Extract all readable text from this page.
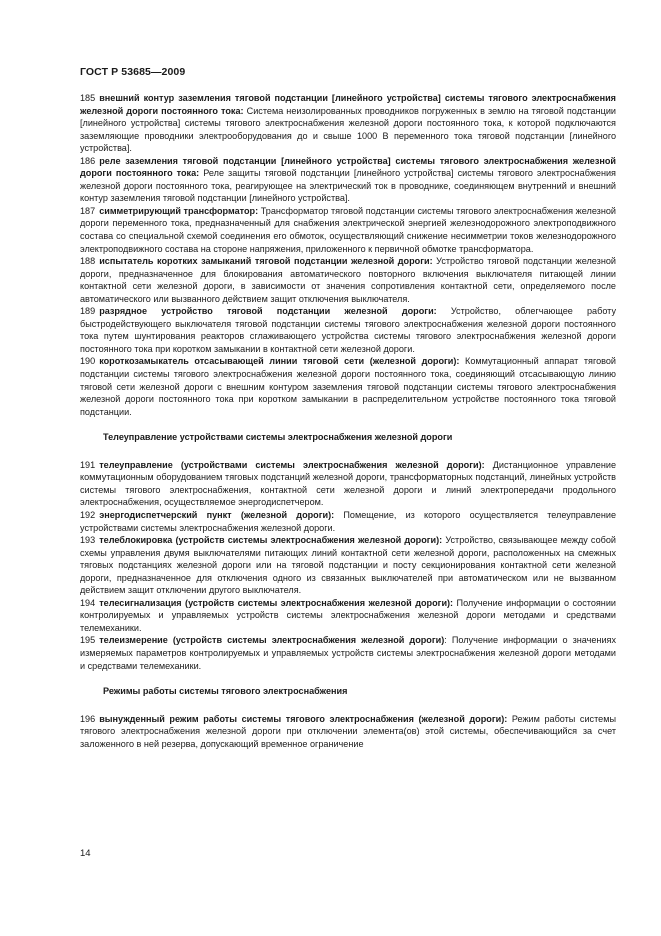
ГОСТ Р 53685—2009

185 внешний контур заземления тяговой подстанции [линейного устройства] системы тягового электроснабжения железной дороги постоянного тока: Система неизолированных проводников погруженных в землю на тяговой подстанции [линейного устройства] системы тягового электроснабжения железной дороги постоянного тока, к которой подключаются заземляющие проводники электрооборудования до и свыше 1000 В переменного тока тяговой подстанции [линейного устройства].

186 реле заземления тяговой подстанции [линейного устройства] системы тягового электроснабжения железной дороги постоянного тока: Реле защиты тяговой подстанции [линейного устройства] системы тягового электроснабжения железной дороги постоянного тока, реагирующее на электрический ток в проводнике, соединяющем внутренний и внешний контур заземления тяговой подстанции [линейного устройства].

187 симметрирующий трансформатор: Трансформатор тяговой подстанции системы тягового электроснабжения железной дороги переменного тока, предназначенный для снабжения электрической энергией железнодорожного электроподвижного состава со специальной схемой соединения его обмоток, осуществляющий снижение несимметрии токов железнодорожного электроподвижного состава на стороне напряжения, приложенного к первичной обмотке трансформатора.

188 испытатель коротких замыканий тяговой подстанции железной дороги: Устройство тяговой подстанции железной дороги, предназначенное для блокирования автоматического повторного включения выключателя питающей линии контактной сети железной дороги, в зависимости от значения сопротивления контактной сети, определяемого после автоматического или вызванного действием защит отключения выключателя.

189 разрядное устройство тяговой подстанции железной дороги: Устройство, облегчающее работу быстродействующего выключателя тяговой подстанции системы тягового электроснабжения железной дороги постоянного тока путем шунтирования реакторов сглаживающего устройства системы тягового электроснабжения железной дороги постоянного тока при коротком замыкании в контактной сети железной дороги.

190 короткозамыкатель отсасывающей линии тяговой сети (железной дороги): Коммутационный аппарат тяговой подстанции системы тягового электроснабжения железной дороги постоянного тока, соединяющий отсасывающую линию тяговой сети железной дороги с внешним контуром заземления тяговой подстанции системы тягового электроснабжения железной дороги постоянного тока при коротком замыкании в распределительном устройстве постоянного тока тяговой подстанции.

Телеуправление устройствами системы электроснабжения железной дороги

191 телеуправление (устройствами системы электроснабжения железной дороги): Дистанционное управление коммутационным оборудованием тяговых подстанций железной дороги, трансформаторных подстанций, линейных устройств системы тягового электроснабжения, контактной сети железной дороги и линий электропередачи продольного электроснабжения, осуществляемое энергодиспетчером.

192 энергодиспетчерский пункт (железной дороги): Помещение, из которого осуществляется телеуправление устройствами системы электроснабжения железной дороги.

193 телеблокировка (устройств системы электроснабжения железной дороги): Устройство, связывающее между собой схемы управления двумя выключателями питающих линий контактной сети железной дороги, расположенных на смежных тяговых подстанциях железной дороги или на тяговой подстанции и посту секционирования контактной сети железной дороги, предназначенное для отключения одного из связанных выключателей при автоматическом или не вызванном действием защит отключении другого выключателя.

194 телесигнализация (устройств системы электроснабжения железной дороги): Получение информации о состоянии контролируемых и управляемых устройств системы электроснабжения железной дороги методами и средствами телемеханики.

195 телеизмерение (устройств системы электроснабжения железной дороги): Получение информации о значениях измеряемых параметров контролируемых и управляемых устройств системы электроснабжения железной дороги методами и средствами телемеханики.

Режимы работы системы тягового электроснабжения

196 вынужденный режим работы системы тягового электроснабжения (железной дороги): Режим работы системы тягового электроснабжения железной дороги при отключении элемента(ов) этой системы, обеспечивающийся за счет заложенного в ней резерва, допускающий временное ограничение

14
